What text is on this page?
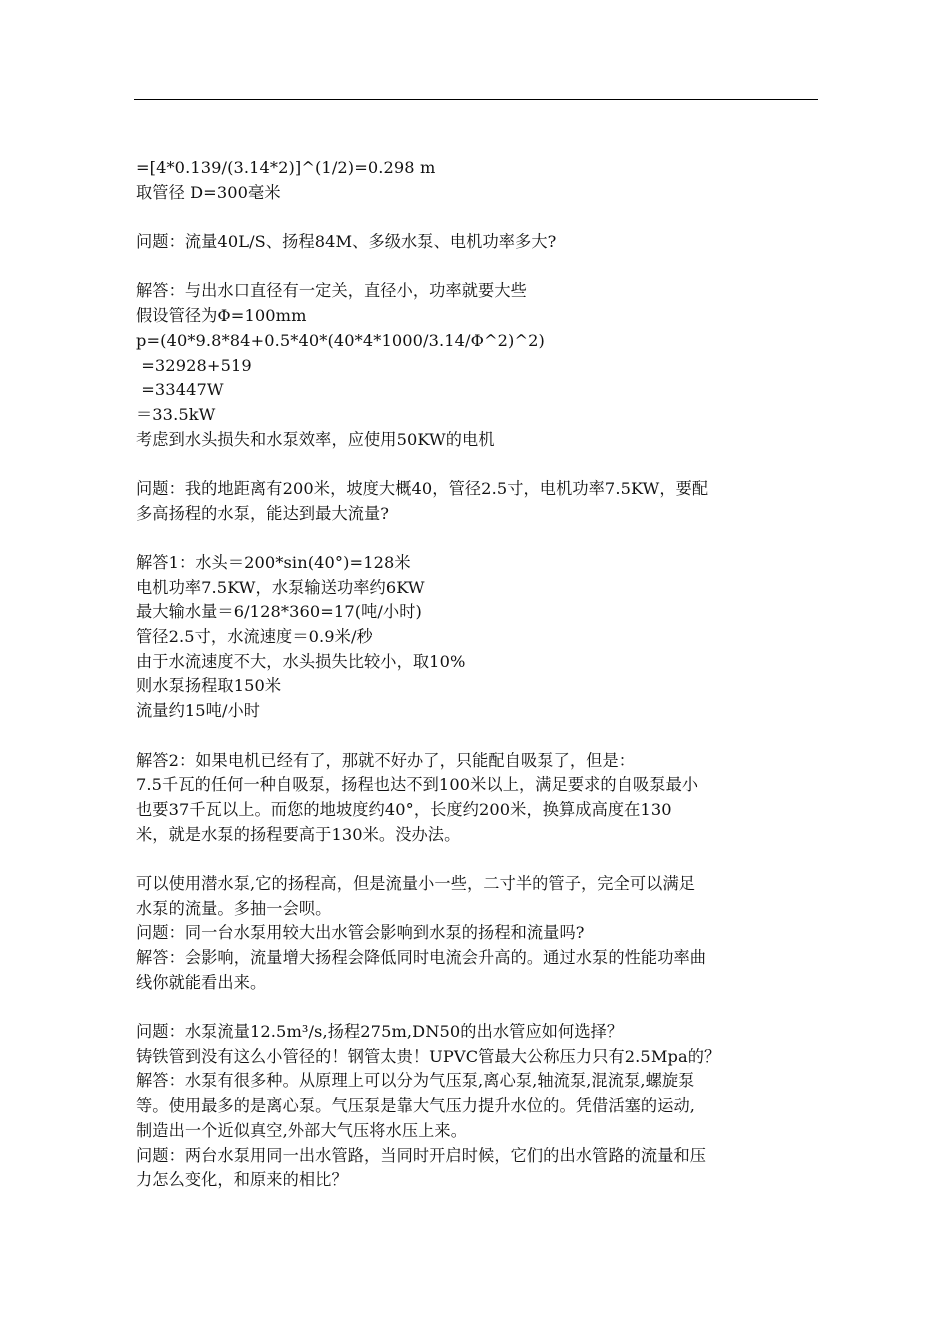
=[4*0.139/(3.14*2)]^(1/2)=0.298 m
取管径 D=300毫米
问题：流量40L/S、扬程84M、多级水泵、电机功率多大?
解答：与出水口直径有一定关，直径小，功率就要大些
假设管径为Φ=100mm
p=(40*9.8*84+0.5*40*(40*4*1000/3.14/Φ^2)^2)
=32928+519
=33447W
＝33.5kW
考虑到水头损失和水泵效率，应使用50KW的电机
问题：我的地距离有200米，坡度大概40，管径2.5寸，电机功率7.5KW，要配
多高扬程的水泵，能达到最大流量?
解答1：水头＝200*sin(40°)=128米
电机功率7.5KW，水泵输送功率约6KW
最大输水量＝6/128*360=17(吨/小时)
管径2.5寸，水流速度＝0.9米/秒
由于水流速度不大，水头损失比较小，取10%
则水泵扬程取150米
流量约15吨/小时
解答2：如果电机已经有了，那就不好办了，只能配自吸泵了，但是：
7.5千瓦的任何一种自吸泵，扬程也达不到100米以上，满足要求的自吸泵最小
也要37千瓦以上。而您的地坡度约40°，长度约200米，换算成高度在130
米，就是水泵的扬程要高于130米。没办法。
可以使用潜水泵,它的扬程高，但是流量小一些，二寸半的管子，完全可以满足
水泵的流量。多抽一会呗。
问题：同一台水泵用较大出水管会影响到水泵的扬程和流量吗?
解答：会影响，流量增大扬程会降低同时电流会升高的。通过水泵的性能功率曲
线你就能看出来。
问题：水泵流量12.5m³/s,扬程275m,DN50的出水管应如何选择？
铸铁管到没有这么小管径的！钢管太贵！UPVC管最大公称压力只有2.5Mpa的？
解答：水泵有很多种。从原理上可以分为气压泵,离心泵,轴流泵,混流泵,螺旋泵
等。使用最多的是离心泵。气压泵是靠大气压力提升水位的。凭借活塞的运动,
制造出一个近似真空,外部大气压将水压上来。
问题：两台水泵用同一出水管路，当同时开启时候，它们的出水管路的流量和压
力怎么变化，和原来的相比？
